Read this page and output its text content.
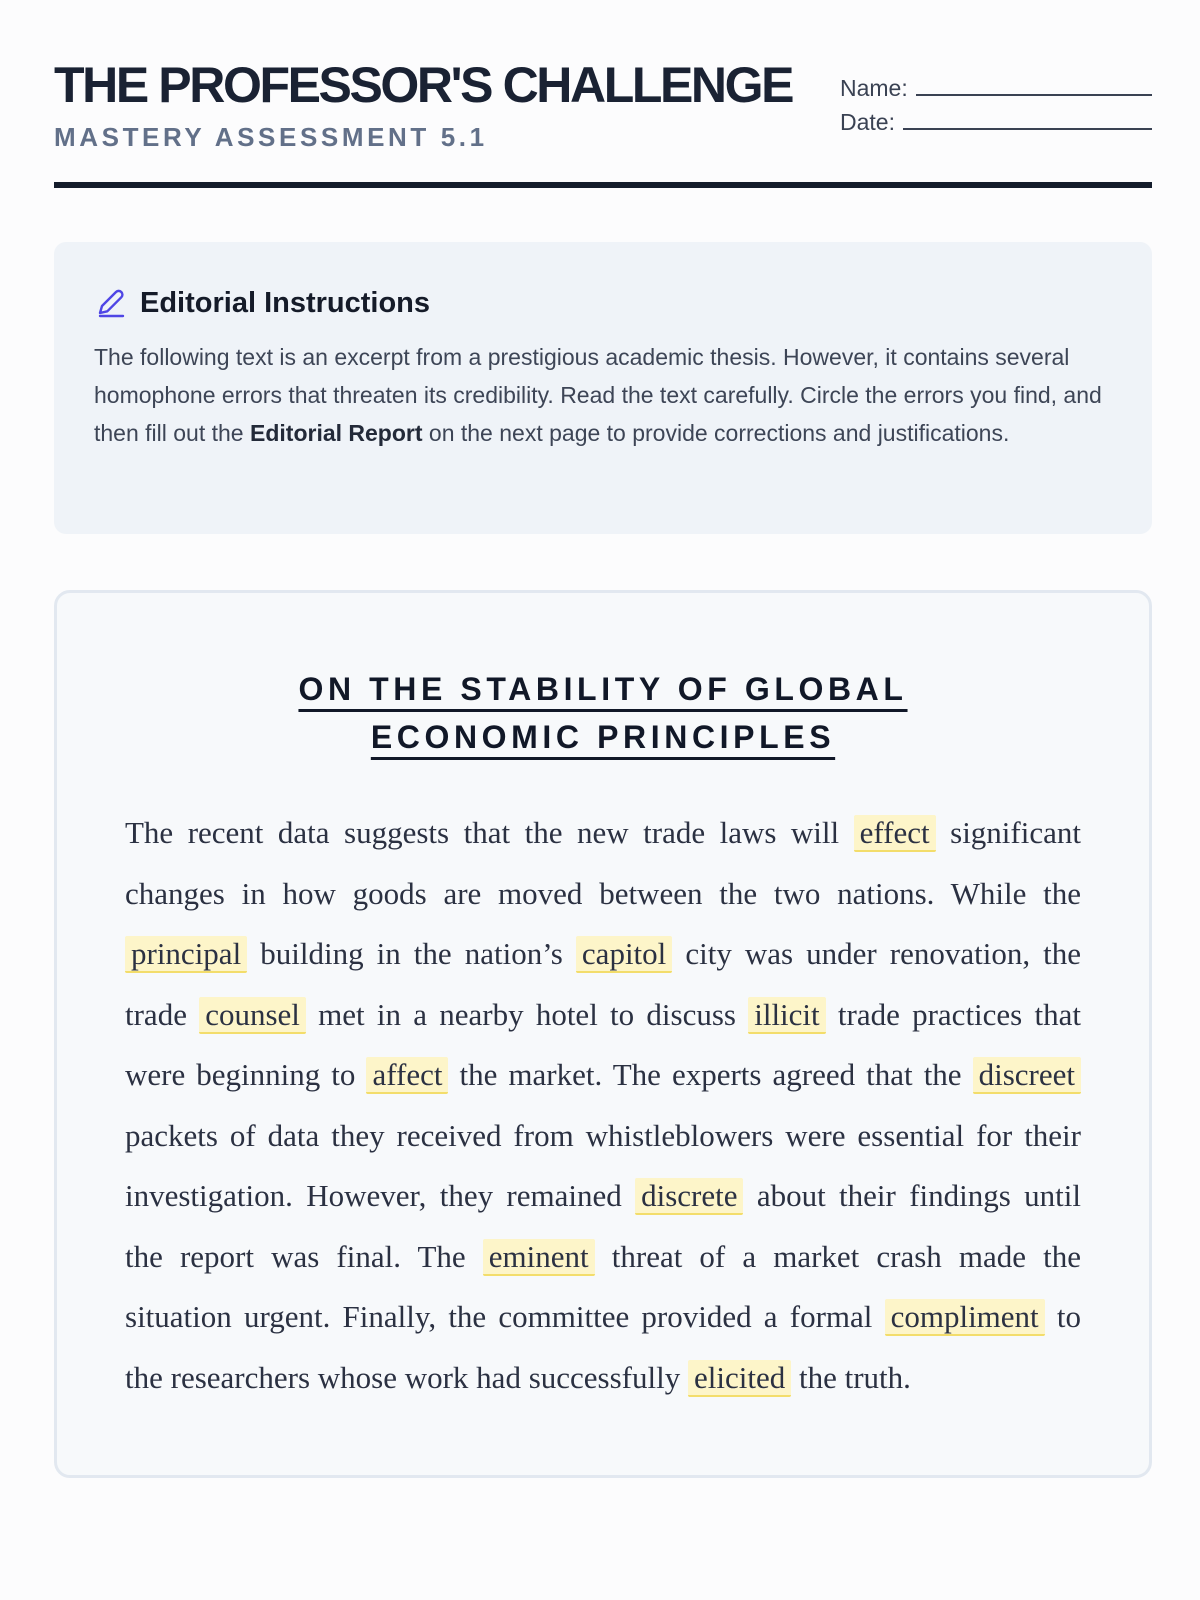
THE PROFESSOR'S CHALLENGE
MASTERY ASSESSMENT 5.1
Name:
Date:
Editorial Instructions
The following text is an excerpt from a prestigious academic thesis. However, it contains several homophone errors that threaten its credibility. Read the text carefully. Circle the errors you find, and then fill out the Editorial Report on the next page to provide corrections and justifications.
ON THE STABILITY OF GLOBAL ECONOMIC PRINCIPLES
The recent data suggests that the new trade laws will effect significant changes in how goods are moved between the two nations. While the principal building in the nation’s capitol city was under renovation, the trade counsel met in a nearby hotel to discuss illicit trade practices that were beginning to affect the market. The experts agreed that the discreet packets of data they received from whistleblowers were essential for their investigation. However, they remained discrete about their findings until the report was final. The eminent threat of a market crash made the situation urgent. Finally, the committee provided a formal compliment to the researchers whose work had successfully elicited the truth.
